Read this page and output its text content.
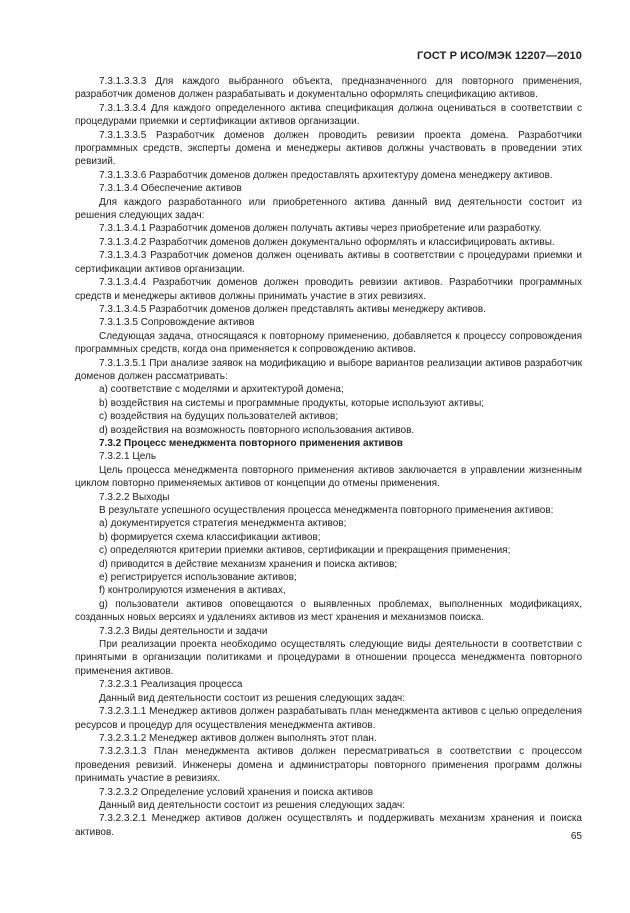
ГОСТ Р ИСО/МЭК 12207—2010

7.3.1.3.3.3 Для каждого выбранного объекта, предназначенного для повторного применения, разработчик доменов должен разрабатывать и документально оформлять спецификацию активов.

7.3.1.3.3.4 Для каждого определенного актива спецификация должна оцениваться в соответствии с процедурами приемки и сертификации активов организации.

7.3.1.3.3.5 Разработчик доменов должен проводить ревизии проекта домена. Разработчики программных средств, эксперты домена и менеджеры активов должны участвовать в проведении этих ревизий.

7.3.1.3.3.6 Разработчик доменов должен предоставлять архитектуру домена менеджеру активов.

7.3.1.3.4 Обеспечение активов

Для каждого разработанного или приобретенного актива данный вид деятельности состоит из решения следующих задач:

7.3.1.3.4.1 Разработчик доменов должен получать активы через приобретение или разработку.

7.3.1.3.4.2 Разработчик доменов должен документально оформлять и классифицировать активы.

7.3.1.3.4.3 Разработчик доменов должен оценивать активы в соответствии с процедурами приемки и сертификации активов организации.

7.3.1.3.4.4 Разработчик доменов должен проводить ревизии активов. Разработчики программных средств и менеджеры активов должны принимать участие в этих ревизиях.

7.3.1.3.4.5 Разработчик доменов должен представлять активы менеджеру активов.

7.3.1.3.5 Сопровождение активов

Следующая задача, относящаяся к повторному применению, добавляется к процессу сопровождения программных средств, когда она применяется к сопровождению активов.

7.3.1.3.5.1 При анализе заявок на модификацию и выборе вариантов реализации активов разработчик доменов должен рассматривать:

a) соответствие с моделями и архитектурой домена;

b) воздействия на системы и программные продукты, которые используют активы;

c) воздействия на будущих пользователей активов;

d) воздействия на возможность повторного использования активов.

7.3.2 Процесс менеджмента повторного применения активов

7.3.2.1 Цель

Цель процесса менеджмента повторного применения активов заключается в управлении жизненным циклом повторно применяемых активов от концепции до отмены применения.

7.3.2.2 Выходы

В результате успешного осуществления процесса менеджмента повторного применения активов:

a) документируется стратегия менеджмента активов;

b) формируется схема классификации активов;

c) определяются критерии приемки активов, сертификации и прекращения применения;

d) приводится в действие механизм хранения и поиска активов;

e) регистрируется использование активов;

f) контролируются изменения в активах,

g) пользователи активов оповещаются о выявленных проблемах, выполненных модификациях, созданных новых версиях и удалениях активов из мест хранения и механизмов поиска.

7.3.2.3 Виды деятельности и задачи

При реализации проекта необходимо осуществлять следующие виды деятельности в соответствии с принятыми в организации политиками и процедурами в отношении процесса менеджмента повторного применения активов.

7.3.2.3.1 Реализация процесса

Данный вид деятельности состоит из решения следующих задач:

7.3.2.3.1.1 Менеджер активов должен разрабатывать план менеджмента активов с целью определения ресурсов и процедур для осуществления менеджмента активов.

7.3.2.3.1.2 Менеджер активов должен выполнять этот план.

7.3.2.3.1.3 План менеджмента активов должен пересматриваться в соответствии с процессом проведения ревизий. Инженеры домена и администраторы повторного применения программ должны принимать участие в ревизиях.

7.3.2.3.2 Определение условий хранения и поиска активов

Данный вид деятельности состоит из решения следующих задач:

7.3.2.3.2.1 Менеджер активов должен осуществлять и поддерживать механизм хранения и поиска активов.	65
